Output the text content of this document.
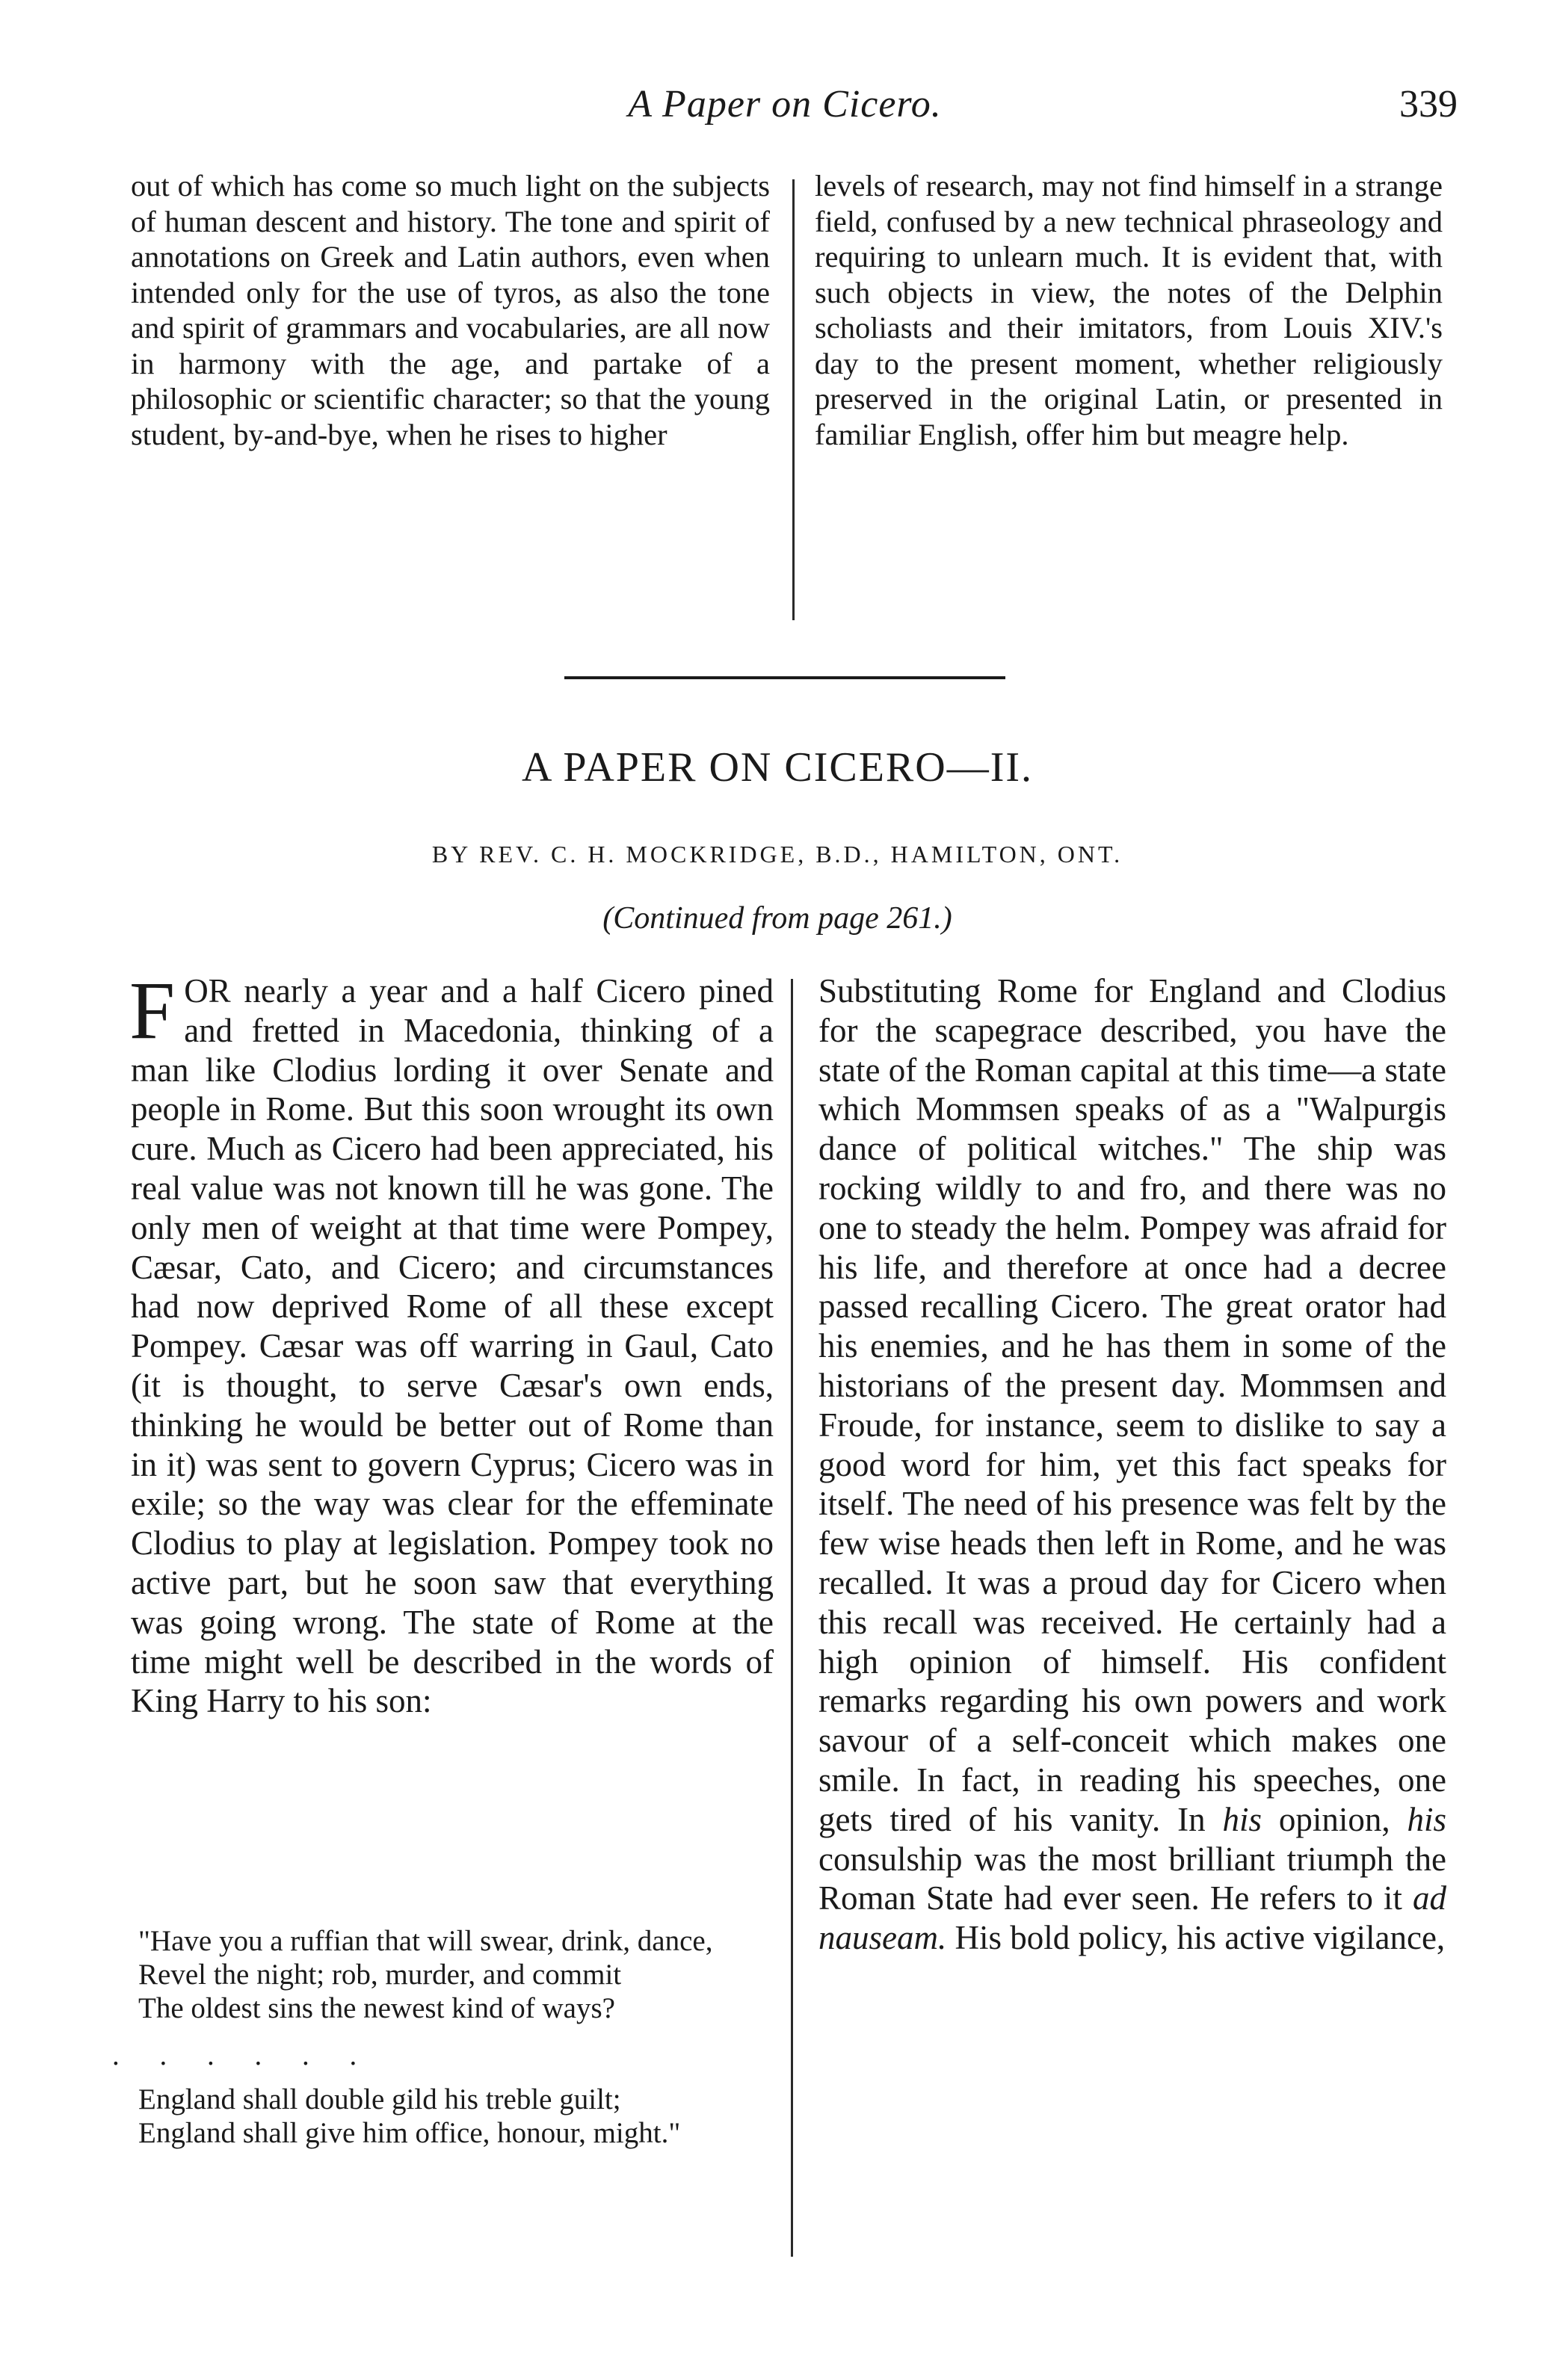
A Paper on Cicero.	339
out of which has come so much light on the subjects of human descent and history. The tone and spirit of annotations on Greek and Latin authors, even when intended only for the use of tyros, as also the tone and spirit of grammars and vocabularies, are all now in harmony with the age, and partake of a philosophic or scientific character; so that the young student, by-and-bye, when he rises to higher
levels of research, may not find himself in a strange field, confused by a new technical phraseology and requiring to unlearn much. It is evident that, with such objects in view, the notes of the Delphin scholiasts and their imitators, from Louis XIV.'s day to the present moment, whether religiously preserved in the original Latin, or presented in familiar English, offer him but meagre help.
A PAPER ON CICERO—II.
BY REV. C. H. MOCKRIDGE, B.D., HAMILTON, ONT.
(Continued from page 261.)
FOR nearly a year and a half Cicero pined and fretted in Macedonia, thinking of a man like Clodius lording it over Senate and people in Rome. But this soon wrought its own cure. Much as Cicero had been appreciated, his real value was not known till he was gone. The only men of weight at that time were Pompey, Cæsar, Cato, and Cicero; and circumstances had now deprived Rome of all these except Pompey. Cæsar was off warring in Gaul, Cato (it is thought, to serve Cæsar's own ends, thinking he would be better out of Rome than in it) was sent to govern Cyprus; Cicero was in exile; so the way was clear for the effeminate Clodius to play at legislation. Pompey took no active part, but he soon saw that everything was going wrong. The state of Rome at the time might well be described in the words of King Harry to his son:

"Have you a ruffian that will swear, drink, dance,

Revel the night; rob, murder, and commit

The oldest sins the newest kind of ways?

. . . . . .

England shall double gild his treble guilt;

England shall give him office, honour, might."

Substituting Rome for England and Clodius for the scapegrace described, you have the state of the Roman capital at this time—a state which Mommsen speaks of as a "Walpurgis dance of political witches." The ship was rocking wildly to and fro, and there was no one to steady the helm. Pompey was afraid for his life, and therefore at once had a decree passed recalling Cicero. The great orator had his enemies, and he has them in some of the historians of the present day. Mommsen and Froude, for instance, seem to dislike to say a good word for him, yet this fact speaks for itself. The need of his presence was felt by the few wise heads then left in Rome, and he was recalled. It was a proud day for Cicero when this recall was received. He certainly had a high opinion of himself. His confident remarks regarding his own powers and work savour of a self-conceit which makes one smile. In fact, in reading his speeches, one gets tired of his vanity. In his opinion, his consulship was the most brilliant triumph the Roman State had ever seen. He refers to it ad nauseam. His bold policy, his active vigilance,
